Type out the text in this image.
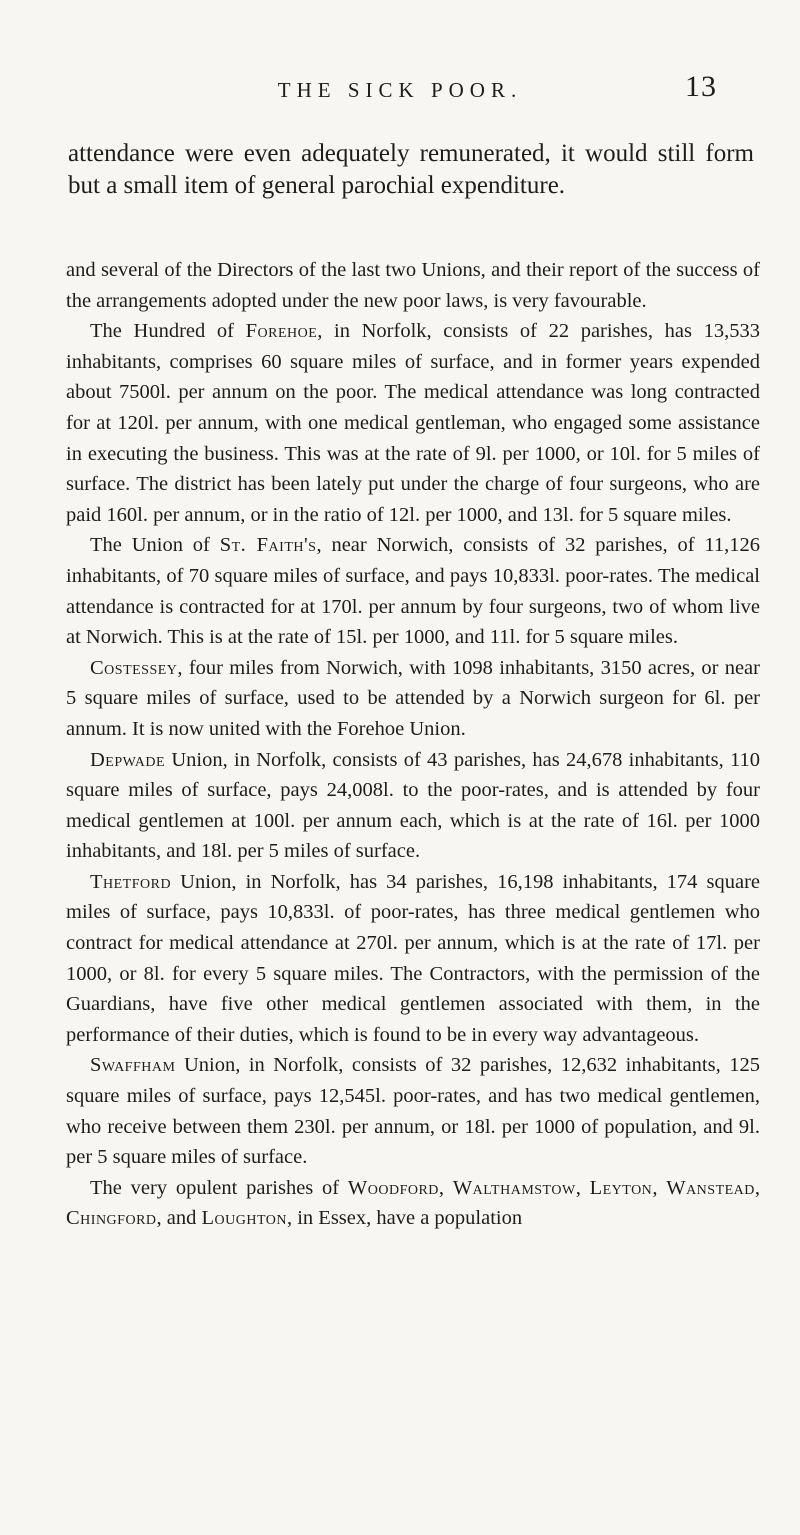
THE SICK POOR.	13

attendance were even adequately remunerated, it would still form but a small item of general parochial expenditure.

and several of the Directors of the last two Unions, and their report of the success of the arrangements adopted under the new poor laws, is very favourable.

The Hundred of Forehoe, in Norfolk, consists of 22 parishes, has 13,533 inhabitants, comprises 60 square miles of surface, and in former years expended about 7500l. per annum on the poor. The medical attendance was long contracted for at 120l. per annum, with one medical gentleman, who engaged some assistance in executing the business. This was at the rate of 9l. per 1000, or 10l. for 5 miles of surface. The district has been lately put under the charge of four surgeons, who are paid 160l. per annum, or in the ratio of 12l. per 1000, and 13l. for 5 square miles.

The Union of St. Faith's, near Norwich, consists of 32 parishes, of 11,126 inhabitants, of 70 square miles of surface, and pays 10,833l. poor-rates. The medical attendance is contracted for at 170l. per annum by four surgeons, two of whom live at Norwich. This is at the rate of 15l. per 1000, and 11l. for 5 square miles.

Costessey, four miles from Norwich, with 1098 inhabitants, 3150 acres, or near 5 square miles of surface, used to be attended by a Norwich surgeon for 6l. per annum. It is now united with the Forehoe Union.

Depwade Union, in Norfolk, consists of 43 parishes, has 24,678 inhabitants, 110 square miles of surface, pays 24,008l. to the poor-rates, and is attended by four medical gentlemen at 100l. per annum each, which is at the rate of 16l. per 1000 inhabitants, and 18l. per 5 miles of surface.

Thetford Union, in Norfolk, has 34 parishes, 16,198 inhabitants, 174 square miles of surface, pays 10,833l. of poor-rates, has three medical gentlemen who contract for medical attendance at 270l. per annum, which is at the rate of 17l. per 1000, or 8l. for every 5 square miles. The Contractors, with the permission of the Guardians, have five other medical gentlemen associated with them, in the performance of their duties, which is found to be in every way advantageous.

Swaffham Union, in Norfolk, consists of 32 parishes, 12,632 inhabitants, 125 square miles of surface, pays 12,545l. poor-rates, and has two medical gentlemen, who receive between them 230l. per annum, or 18l. per 1000 of population, and 9l. per 5 square miles of surface.

The very opulent parishes of Woodford, Walthamstow, Leyton, Wanstead, Chingford, and Loughton, in Essex, have a population
